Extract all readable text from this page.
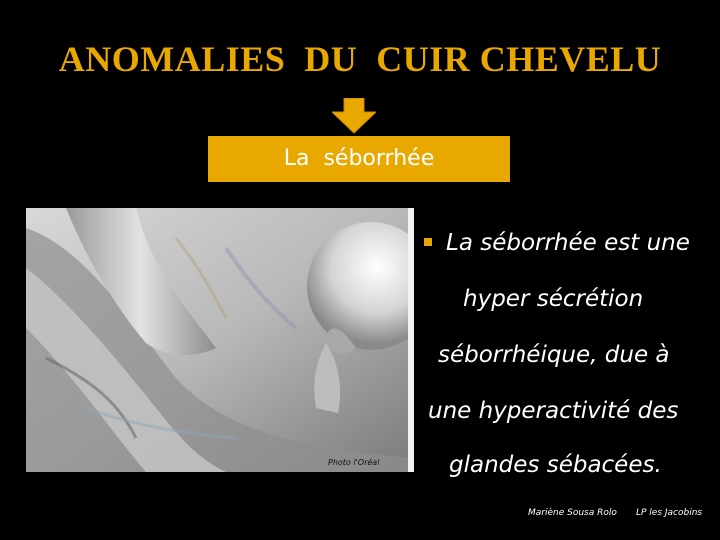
ANOMALIES  DU  CUIR CHEVELU
La  séborrhée
Photo l'Oréal
La séborrhée est une
hyper sécrétion
séborrhéique, due à
une hyperactivité des
glandes sébacées.
Mariène Sousa Rolo LP les Jacobins
